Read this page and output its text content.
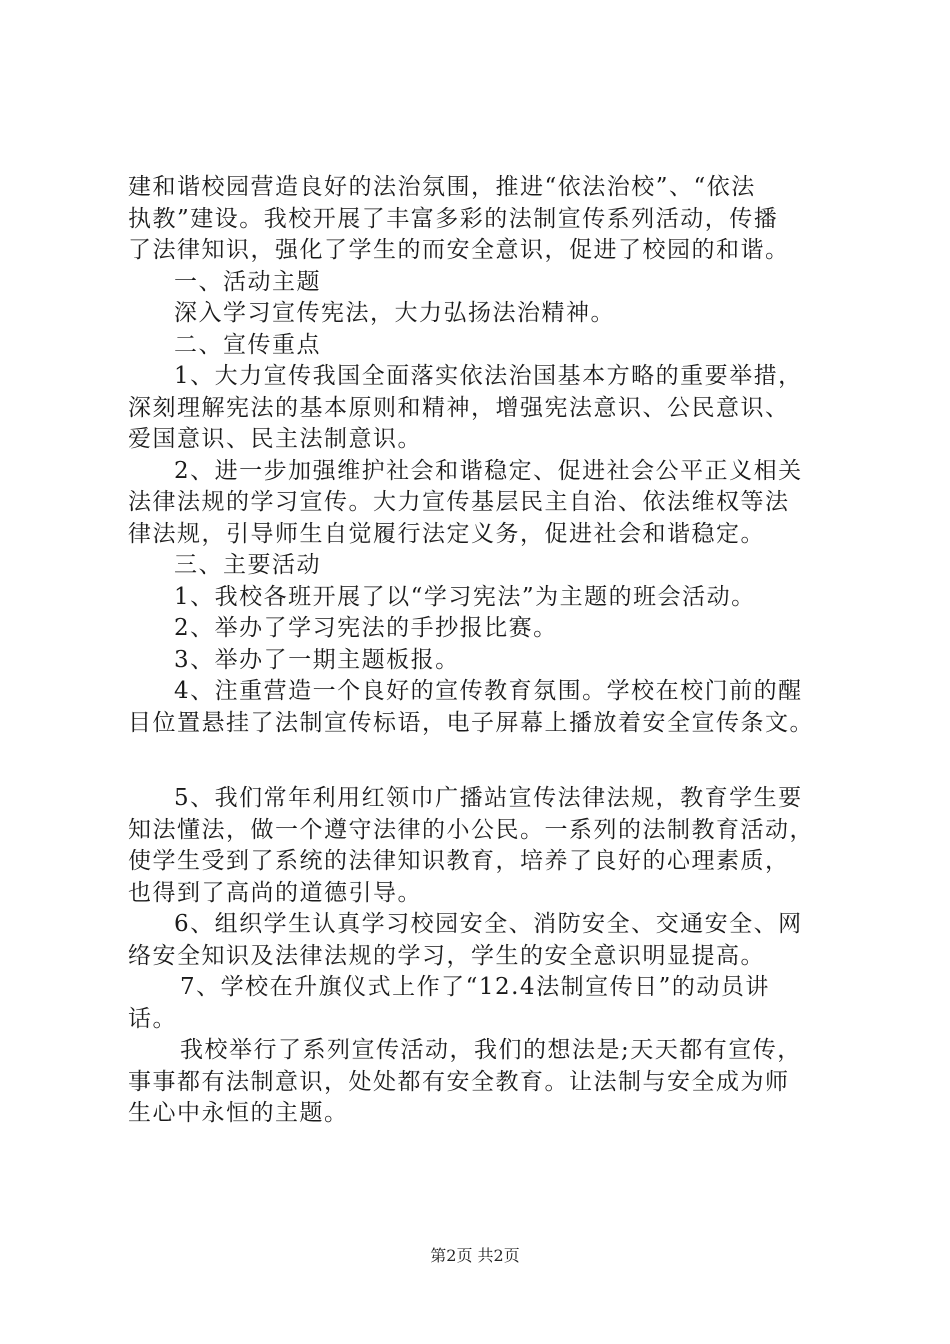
建和谐校园营造良好的法治氛围，推进“依法治校”、“依法
执教”建设。我校开展了丰富多彩的法制宣传系列活动，传播
了法律知识，强化了学生的而安全意识，促进了校园的和谐。
一、活动主题
深入学习宣传宪法，大力弘扬法治精神。
二、宣传重点
1、大力宣传我国全面落实依法治国基本方略的重要举措，
深刻理解宪法的基本原则和精神，增强宪法意识、公民意识、
爱国意识、民主法制意识。
2、进一步加强维护社会和谐稳定、促进社会公平正义相关
法律法规的学习宣传。大力宣传基层民主自治、依法维权等法
律法规，引导师生自觉履行法定义务，促进社会和谐稳定。
三、主要活动
1、我校各班开展了以“学习宪法”为主题的班会活动。
2、举办了学习宪法的手抄报比赛。
3、举办了一期主题板报。
4、注重营造一个良好的宣传教育氛围。学校在校门前的醒
目位置悬挂了法制宣传标语，电子屏幕上播放着安全宣传条文。
5、我们常年利用红领巾广播站宣传法律法规，教育学生要
知法懂法，做一个遵守法律的小公民。一系列的法制教育活动，
使学生受到了系统的法律知识教育，培养了良好的心理素质，
也得到了高尚的道德引导。
6、组织学生认真学习校园安全、消防安全、交通安全、网
络安全知识及法律法规的学习，学生的安全意识明显提高。
7、学校在升旗仪式上作了“12.4法制宣传日”的动员讲
话。
我校举行了系列宣传活动，我们的想法是;天天都有宣传，
事事都有法制意识，处处都有安全教育。让法制与安全成为师
生心中永恒的主题。
第2页 共2页
